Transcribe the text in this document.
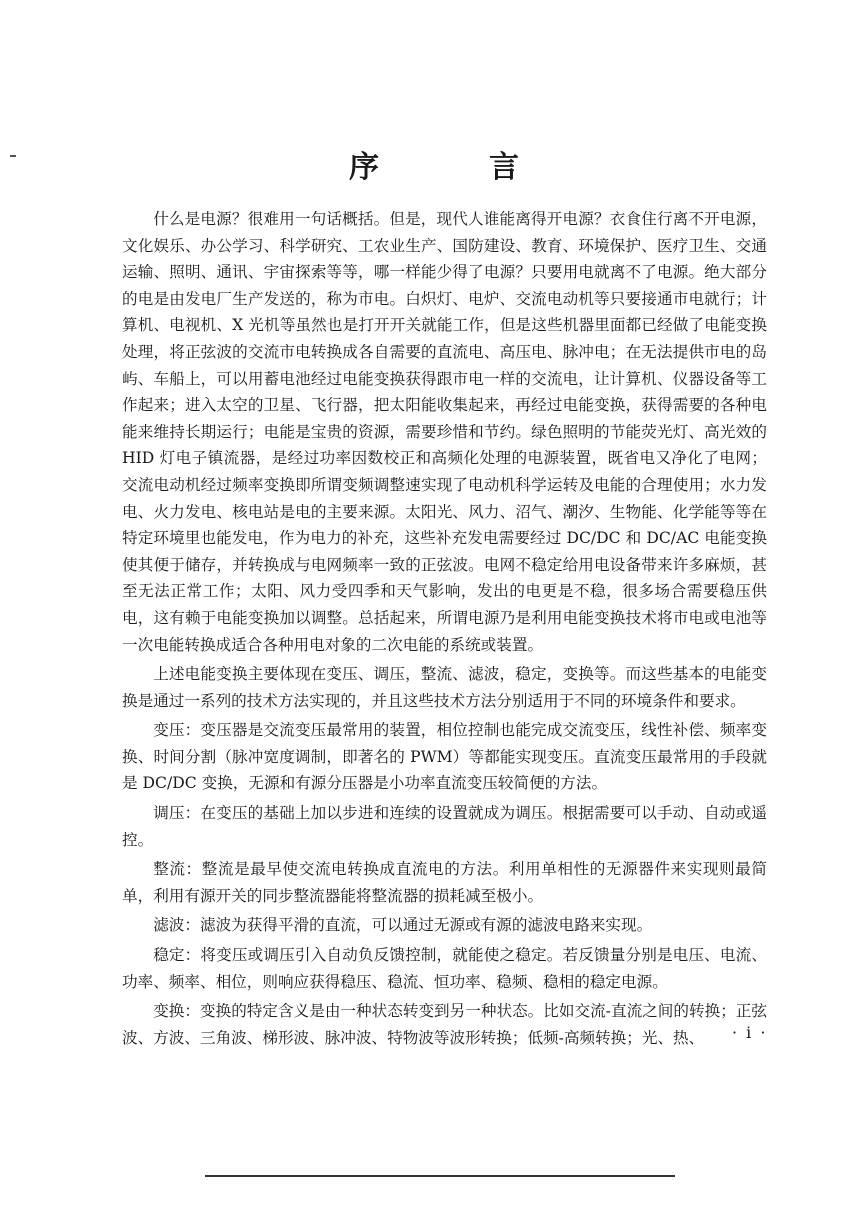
序　言

什么是电源？很难用一句话概括。但是，现代人谁能离得开电源？衣食住行离不开电源，文化娱乐、办公学习、科学研究、工农业生产、国防建设、教育、环境保护、医疗卫生、交通运输、照明、通讯、宇宙探索等等，哪一样能少得了电源？只要用电就离不了电源。绝大部分的电是由发电厂生产发送的，称为市电。白炽灯、电炉、交流电动机等只要接通市电就行；计算机、电视机、X 光机等虽然也是打开开关就能工作，但是这些机器里面都已经做了电能变换处理，将正弦波的交流市电转换成各自需要的直流电、高压电、脉冲电；在无法提供市电的岛屿、车船上，可以用蓄电池经过电能变换获得跟市电一样的交流电，让计算机、仪器设备等工作起来；进入太空的卫星、飞行器，把太阳能收集起来，再经过电能变换，获得需要的各种电能来维持长期运行；电能是宝贵的资源，需要珍惜和节约。绿色照明的节能荧光灯、高光效的 HID 灯电子镇流器，是经过功率因数校正和高频化处理的电源装置，既省电又净化了电网；交流电动机经过频率变换即所谓变频调整速实现了电动机科学运转及电能的合理使用；水力发电、火力发电、核电站是电的主要来源。太阳光、风力、沼气、潮汐、生物能、化学能等等在特定环境里也能发电，作为电力的补充，这些补充发电需要经过 DC/DC 和 DC/AC 电能变换使其便于储存，并转换成与电网频率一致的正弦波。电网不稳定给用电设备带来许多麻烦，甚至无法正常工作；太阳、风力受四季和天气影响，发出的电更是不稳，很多场合需要稳压供电，这有赖于电能变换加以调整。总括起来，所谓电源乃是利用电能变换技术将市电或电池等一次电能转换成适合各种用电对象的二次电能的系统或装置。

上述电能变换主要体现在变压、调压，整流、滤波，稳定，变换等。而这些基本的电能变换是通过一系列的技术方法实现的，并且这些技术方法分别适用于不同的环境条件和要求。

变压：变压器是交流变压最常用的装置，相位控制也能完成交流变压，线性补偿、频率变换、时间分割（脉冲宽度调制，即著名的 PWM）等都能实现变压。直流变压最常用的手段就是 DC/DC 变换，无源和有源分压器是小功率直流变压较简便的方法。

调压：在变压的基础上加以步进和连续的设置就成为调压。根据需要可以手动、自动或遥控。

整流：整流是最早使交流电转换成直流电的方法。利用单相性的无源器件来实现则最简单，利用有源开关的同步整流器能将整流器的损耗减至极小。

滤波：滤波为获得平滑的直流，可以通过无源或有源的滤波电路来实现。

稳定：将变压或调压引入自动负反馈控制，就能使之稳定。若反馈量分别是电压、电流、功率、频率、相位，则响应获得稳压、稳流、恒功率、稳频、稳相的稳定电源。

变换：变换的特定含义是由一种状态转变到另一种状态。比如交流-直流之间的转换；正弦波、方波、三角波、梯形波、脉冲波、特物波等波形转换；低频-高频转换；光、热、	· i ·
